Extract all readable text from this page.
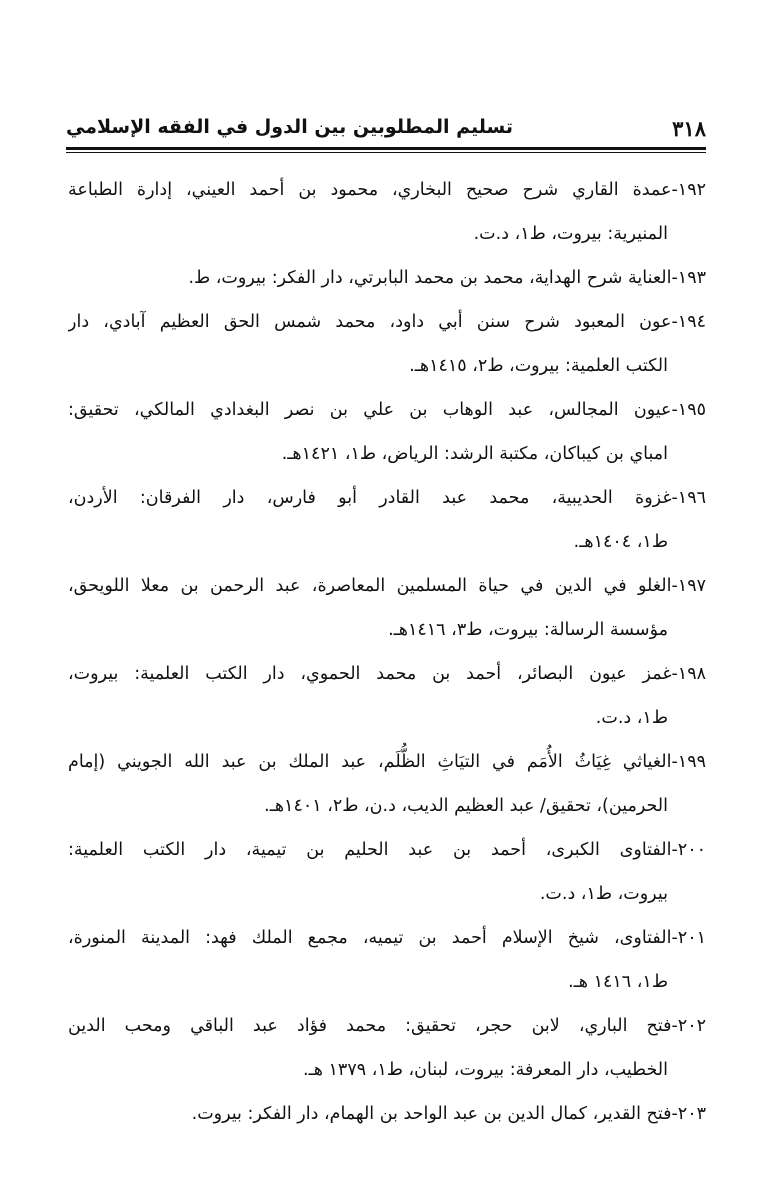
٣١٨
تسليم المطلوبين بين الدول في الفقه الإسلامي
١٩٢-عمدة القاري شرح صحيح البخاري، محمود بن أحمد العيني، إدارة الطباعة
المنيرية: بيروت، ط١، د.ت.
١٩٣-العناية شرح الهداية، محمد بن محمد البابرتي، دار الفكر: بيروت، ط.
١٩٤-عون المعبود شرح سنن أبي داود، محمد شمس الحق العظيم آبادي، دار
الكتب العلمية: بيروت، ط٢، ١٤١٥هـ.
١٩٥-عيون المجالس، عبد الوهاب بن علي بن نصر البغدادي المالكي، تحقيق:
امباي بن كيباكان، مكتبة الرشد: الرياض، ط١، ١٤٢١هـ.
١٩٦-غزوة الحديبية، محمد عبد القادر أبو فارس، دار الفرقان: الأردن،
ط١، ١٤٠٤هـ.
١٩٧-الغلو في الدين في حياة المسلمين المعاصرة، عبد الرحمن بن معلا اللويحق،
مؤسسة الرسالة: بيروت، ط٣، ١٤١٦هـ.
١٩٨-غمز عيون البصائر، أحمد بن محمد الحموي، دار الكتب العلمية: بيروت،
ط١، د.ت.
١٩٩-الغياثي غِيَاثُ الأُمَم في التيَاثِ الظُّلَم، عبد الملك بن عبد الله الجويني (إمام
الحرمين)، تحقيق/ عبد العظيم الديب، د.ن، ط٢، ١٤٠١هـ.
٢٠٠-الفتاوى الكبرى، أحمد بن عبد الحليم بن تيمية، دار الكتب العلمية:
بيروت، ط١، د.ت.
٢٠١-الفتاوى، شيخ الإسلام أحمد بن تيميه، مجمع الملك فهد: المدينة المنورة،
ط١، ١٤١٦ هـ.
٢٠٢-فتح الباري، لابن حجر، تحقيق: محمد فؤاد عبد الباقي ومحب الدين
الخطيب، دار المعرفة: بيروت، لبنان، ط١، ١٣٧٩ هـ.
٢٠٣-فتح القدير، كمال الدين بن عبد الواحد بن الهمام، دار الفكر: بيروت.
